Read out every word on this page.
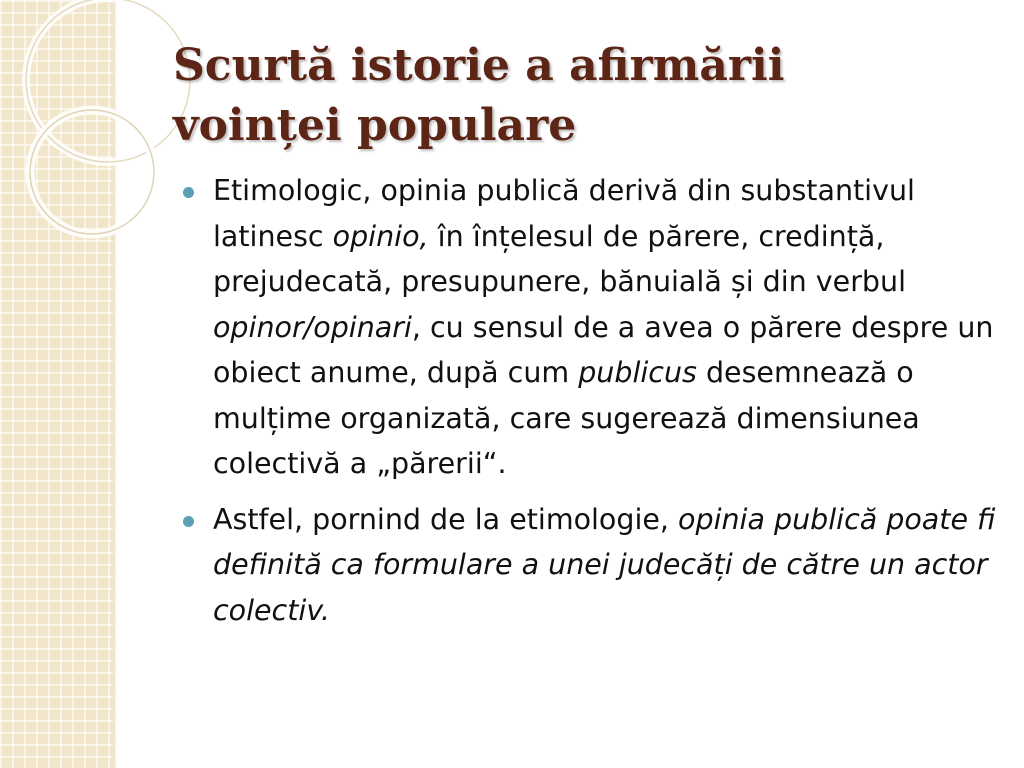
Scurtă istorie a afirmării
voinței populare
Etimologic, opinia publică derivă din substantivul latinesc opinio, în înțelesul de părere, credință, prejudecată, presupunere, bănuială și din verbul opinor/opinari, cu sensul de a avea o părere despre un obiect anume, după cum publicus desemnează o mulțime organizată, care sugerează dimensiunea colectivă a „părerii“.
Astfel, pornind de la etimologie, opinia publică poate fi definită ca formulare a unei judecăți de către un actor colectiv.
